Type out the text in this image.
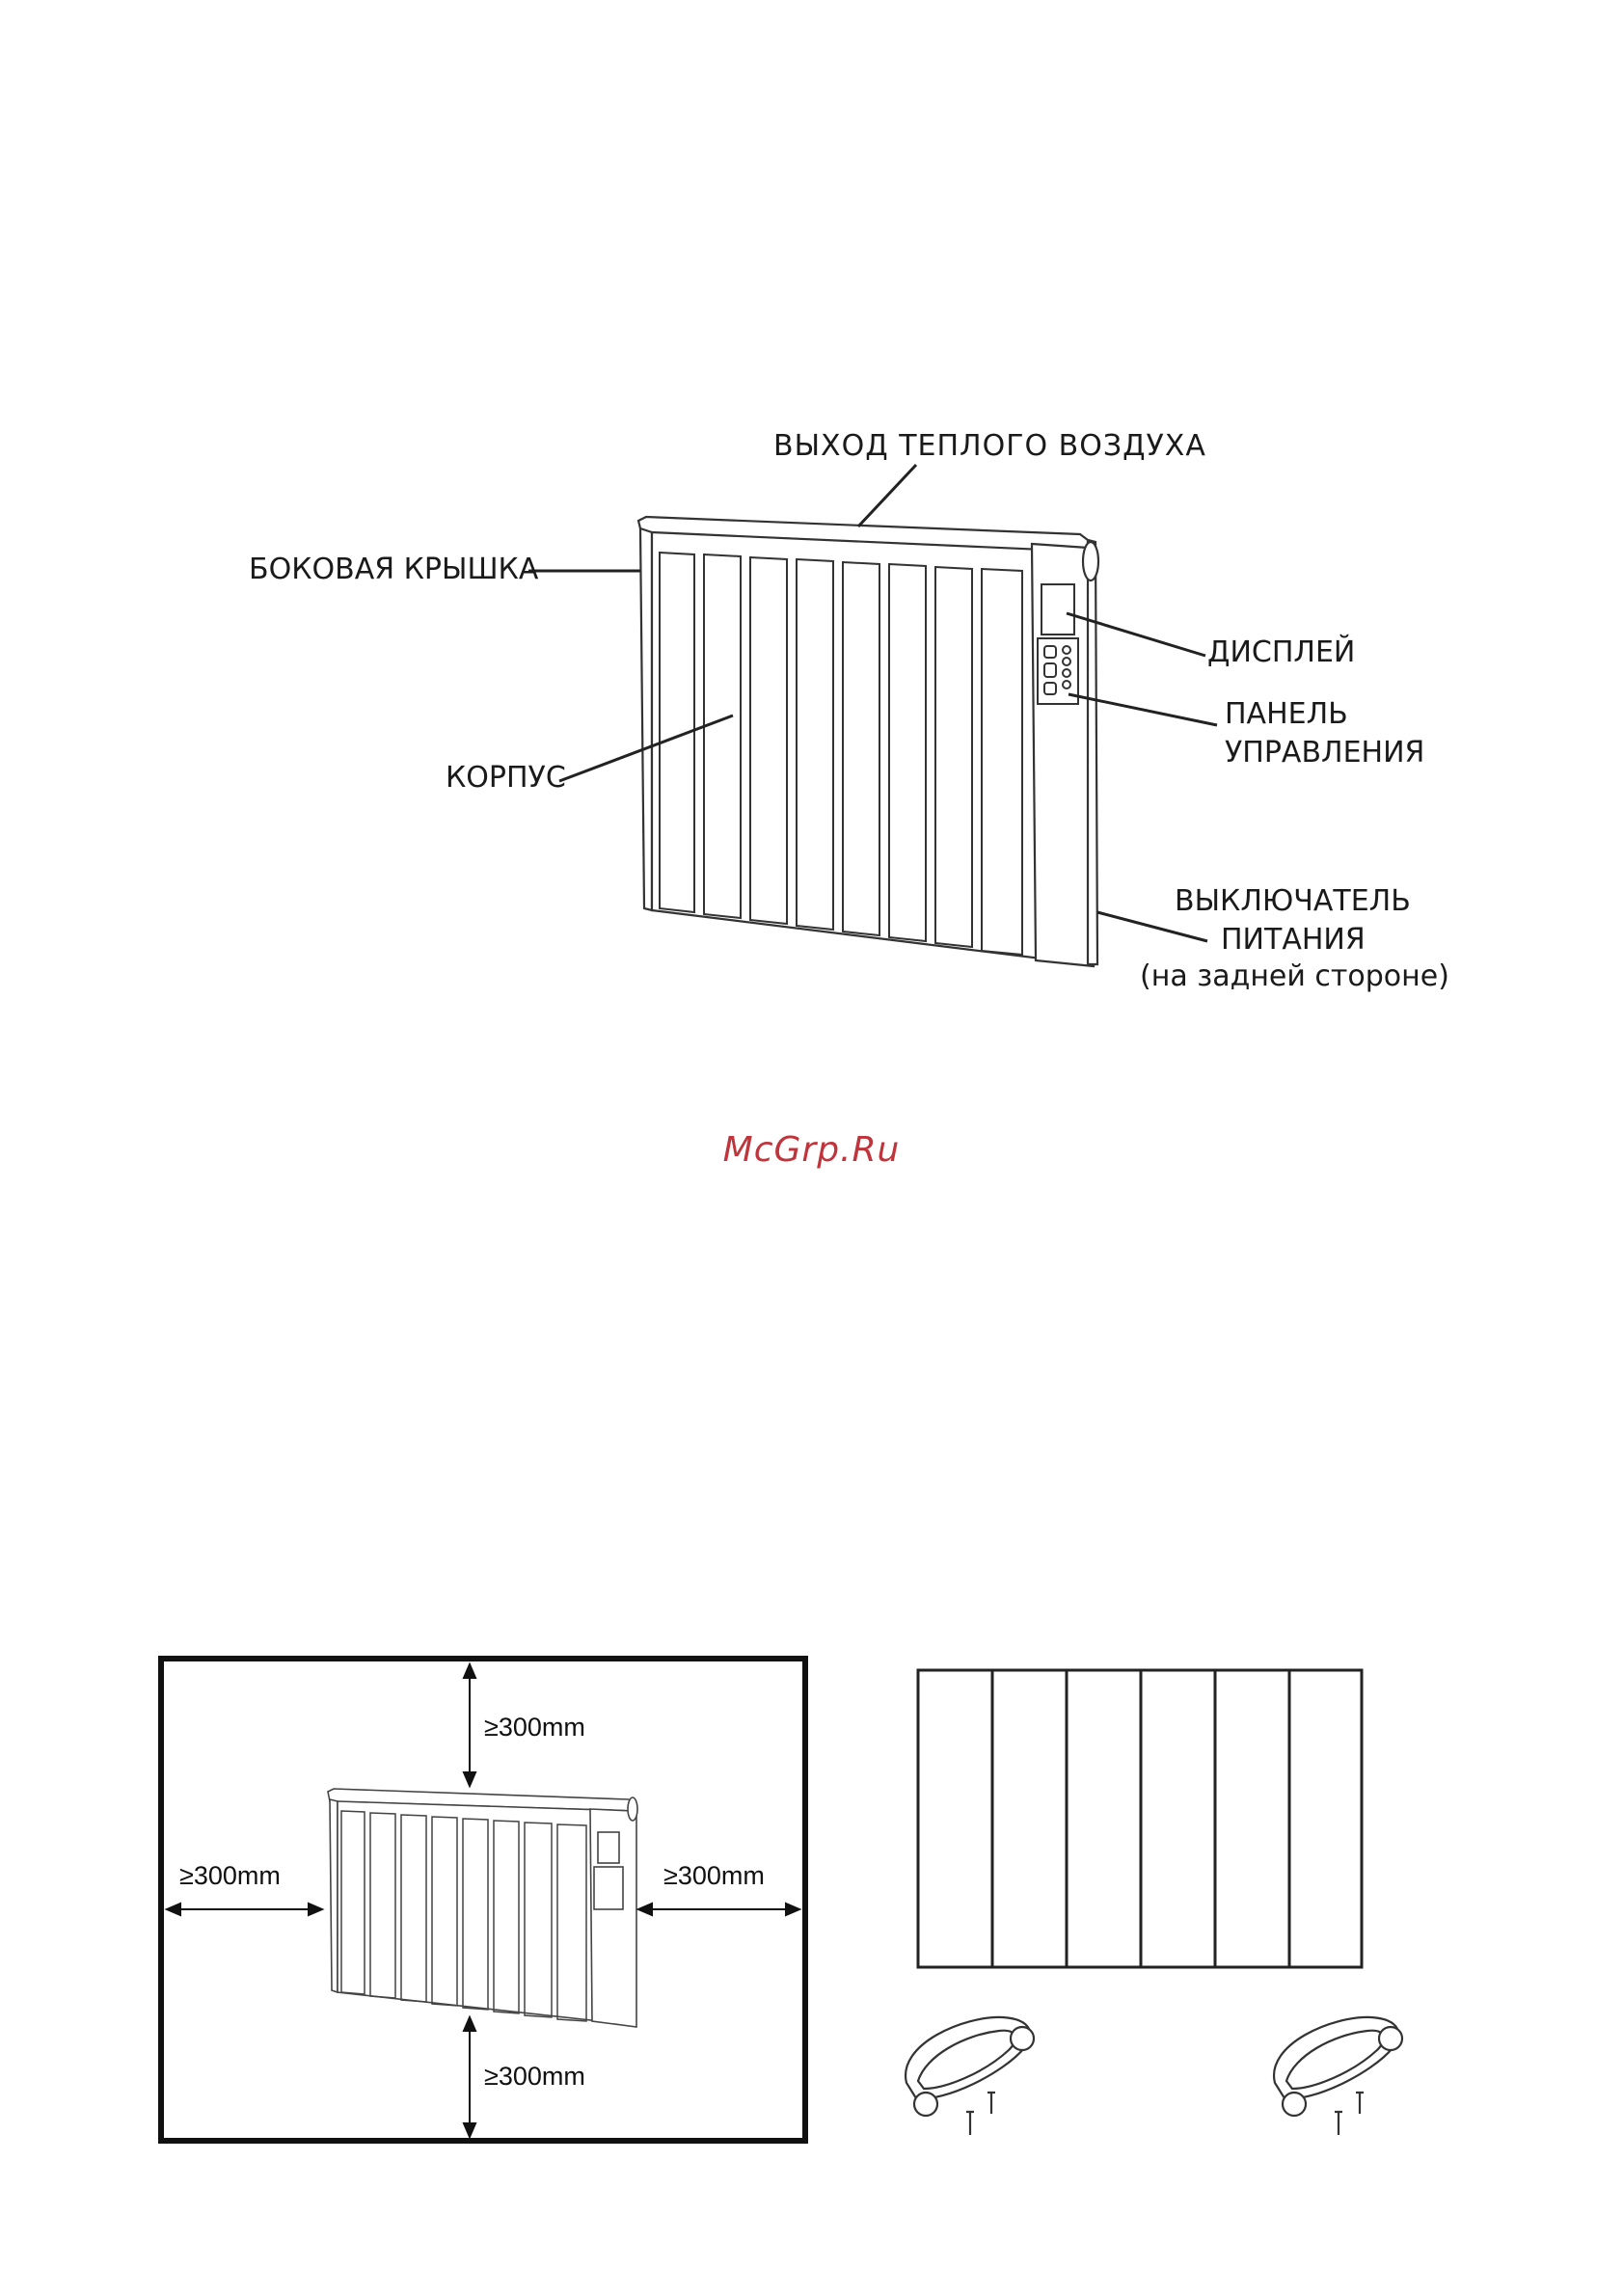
ВЫХОД ТЕПЛОГО ВОЗДУХА
БОКОВАЯ КРЫШКА
ДИСПЛЕЙ
ПАНЕЛЬ
УПРАВЛЕНИЯ
КОРПУС
ВЫКЛЮЧАТЕЛЬ
ПИТАНИЯ
(на задней стороне)
McGrp.Ru
≥300mm
≥300mm	≥300mm
≥300mm
